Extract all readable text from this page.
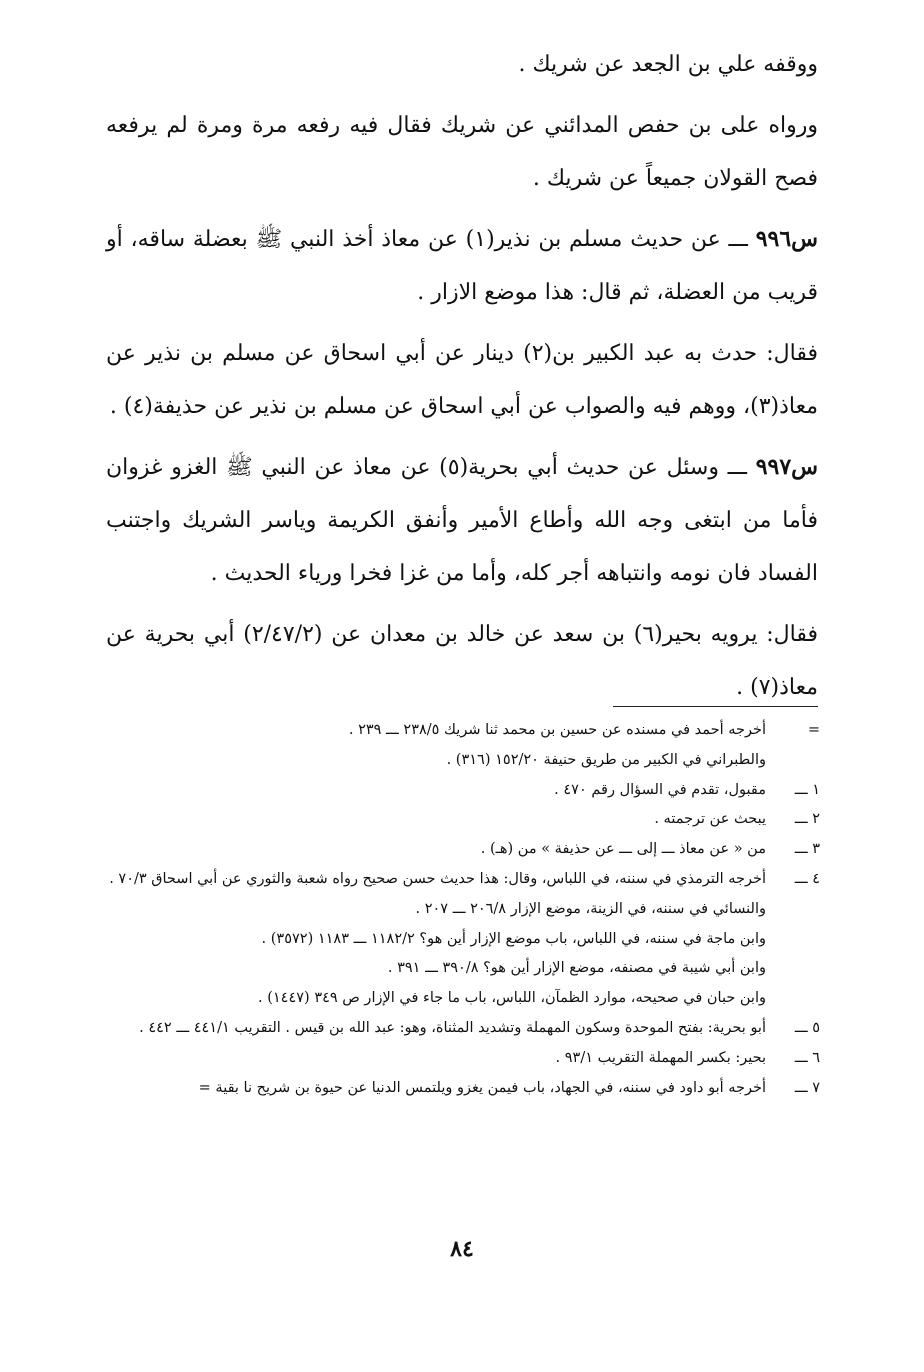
ووقفه علي بن الجعد عن شريك .

ورواه على بن حفص المدائني عن شريك فقال فيه رفعه مرة ومرة لم يرفعه فصح القولان جميعاً عن شريك .

س٩٩٦ ـــ عن حديث مسلم بن نذير(١) عن معاذ أخذ النبي ﷺ بعضلة ساقه، أو قريب من العضلة، ثم قال: هذا موضع الازار .

فقال: حدث به عبد الكبير بن(٢) دينار عن أبي اسحاق عن مسلم بن نذير عن معاذ(٣)، ووهم فيه والصواب عن أبي اسحاق عن مسلم بن نذير عن حذيفة(٤) .

س٩٩٧ ـــ وسئل عن حديث أبي بحرية(٥) عن معاذ عن النبي ﷺ الغزو غزوان فأما من ابتغى وجه الله وأطاع الأمير وأنفق الكريمة وياسر الشريك واجتنب الفساد فان نومه وانتباهه أجر كله، وأما من غزا فخرا ورياء الحديث .

فقال: يرويه بحير(٦) بن سعد عن خالد بن معدان عن (٢/٤٧/٢) أبي بحرية عن معاذ(٧) .

=
أخرجه أحمد في مسنده عن حسين بن محمد ثنا شريك ٢٣٨/٥ ـــ ٢٣٩ .
والطبراني في الكبير من طريق حنيفة ١٥٢/٢٠ (٣١٦) .
١ ـــ
مقبول، تقدم في السؤال رقم ٤٧٠ .
٢ ـــ
يبحث عن ترجمته .
٣ ـــ
من « عن معاذ ـــ إلى ـــ عن حذيفة » من (هـ) .
٤ ـــ
أخرجه الترمذي في سننه، في اللباس، وقال: هذا حديث حسن صحيح رواه شعبة والثوري عن أبي اسحاق ٧٠/٣ .
والنسائي في سننه، في الزينة، موضع الإزار ٢٠٦/٨ ـــ ٢٠٧ .
وابن ماجة في سننه، في اللباس، باب موضع الإزار أين هو؟ ١١٨٢/٢ ـــ ١١٨٣ (٣٥٧٢) .
وابن أبي شيبة في مصنفه، موضع الإزار أين هو؟ ٣٩٠/٨ ـــ ٣٩١ .
وابن حبان في صحيحه، موارد الظمآن، اللباس، باب ما جاء في الإزار ص ٣٤٩ (١٤٤٧) .
٥ ـــ
أبو بحرية: بفتح الموحدة وسكون المهملة وتشديد المثناة، وهو: عبد الله بن قيس . التقريب ٤٤١/١ ـــ ٤٤٢ .
٦ ـــ
بحير: بكسر المهملة التقريب ٩٣/١ .
٧ ـــ
أخرجه أبو داود في سننه، في الجهاد، باب فيمن يغزو ويلتمس الدنيا عن حيوة بن شريح نا بقية =
٨٤
